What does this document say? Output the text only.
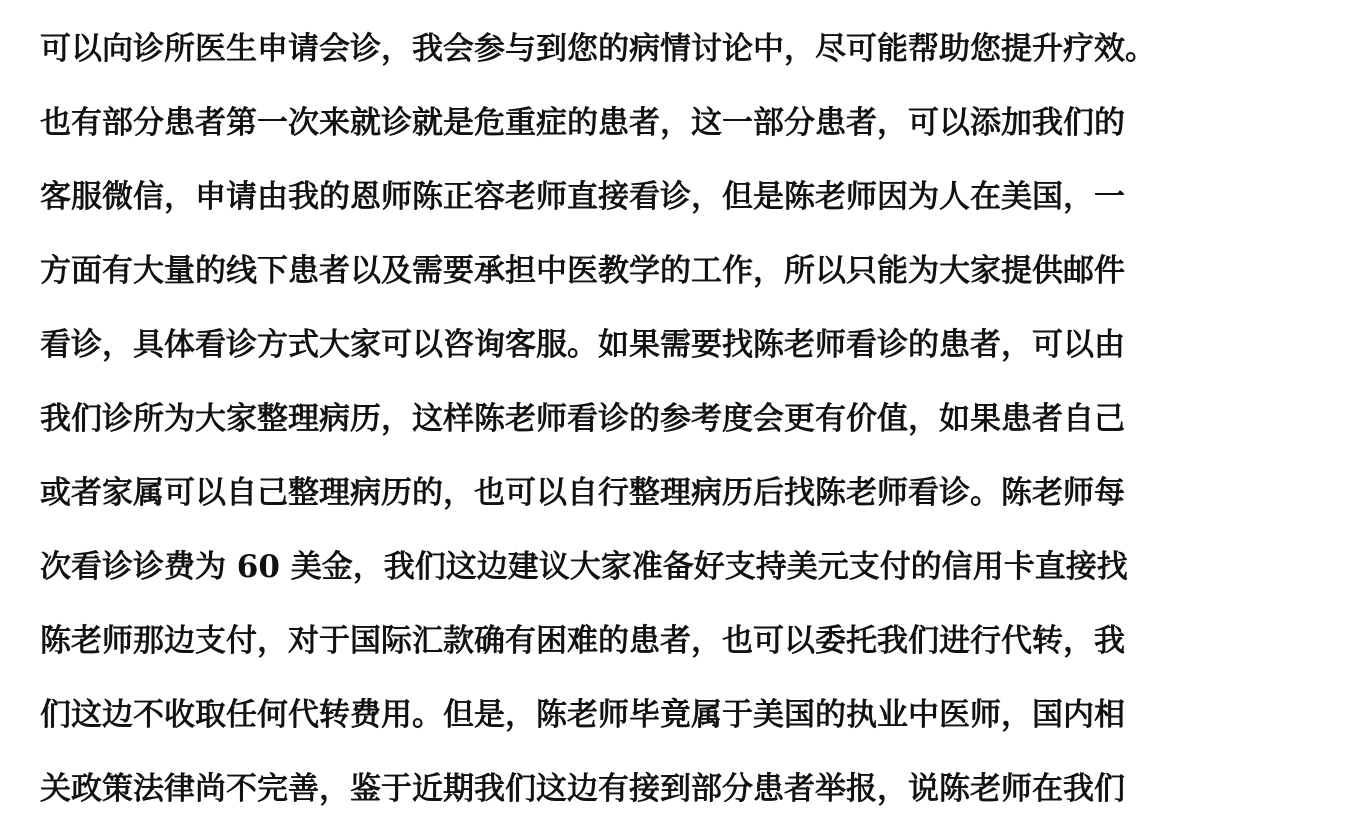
可以向诊所医生申请会诊，我会参与到您的病情讨论中，尽可能帮助您提升疗效。
也有部分患者第一次来就诊就是危重症的患者，这一部分患者，可以添加我们的
客服微信，申请由我的恩师陈正容老师直接看诊，但是陈老师因为人在美国，一
方面有大量的线下患者以及需要承担中医教学的工作，所以只能为大家提供邮件
看诊，具体看诊方式大家可以咨询客服。如果需要找陈老师看诊的患者，可以由
我们诊所为大家整理病历，这样陈老师看诊的参考度会更有价值，如果患者自己
或者家属可以自己整理病历的，也可以自行整理病历后找陈老师看诊。陈老师每
次看诊诊费为 60 美金，我们这边建议大家准备好支持美元支付的信用卡直接找
陈老师那边支付，对于国际汇款确有困难的患者，也可以委托我们进行代转，我
们这边不收取任何代转费用。但是，陈老师毕竟属于美国的执业中医师，国内相
关政策法律尚不完善，鉴于近期我们这边有接到部分患者举报，说陈老师在我们
